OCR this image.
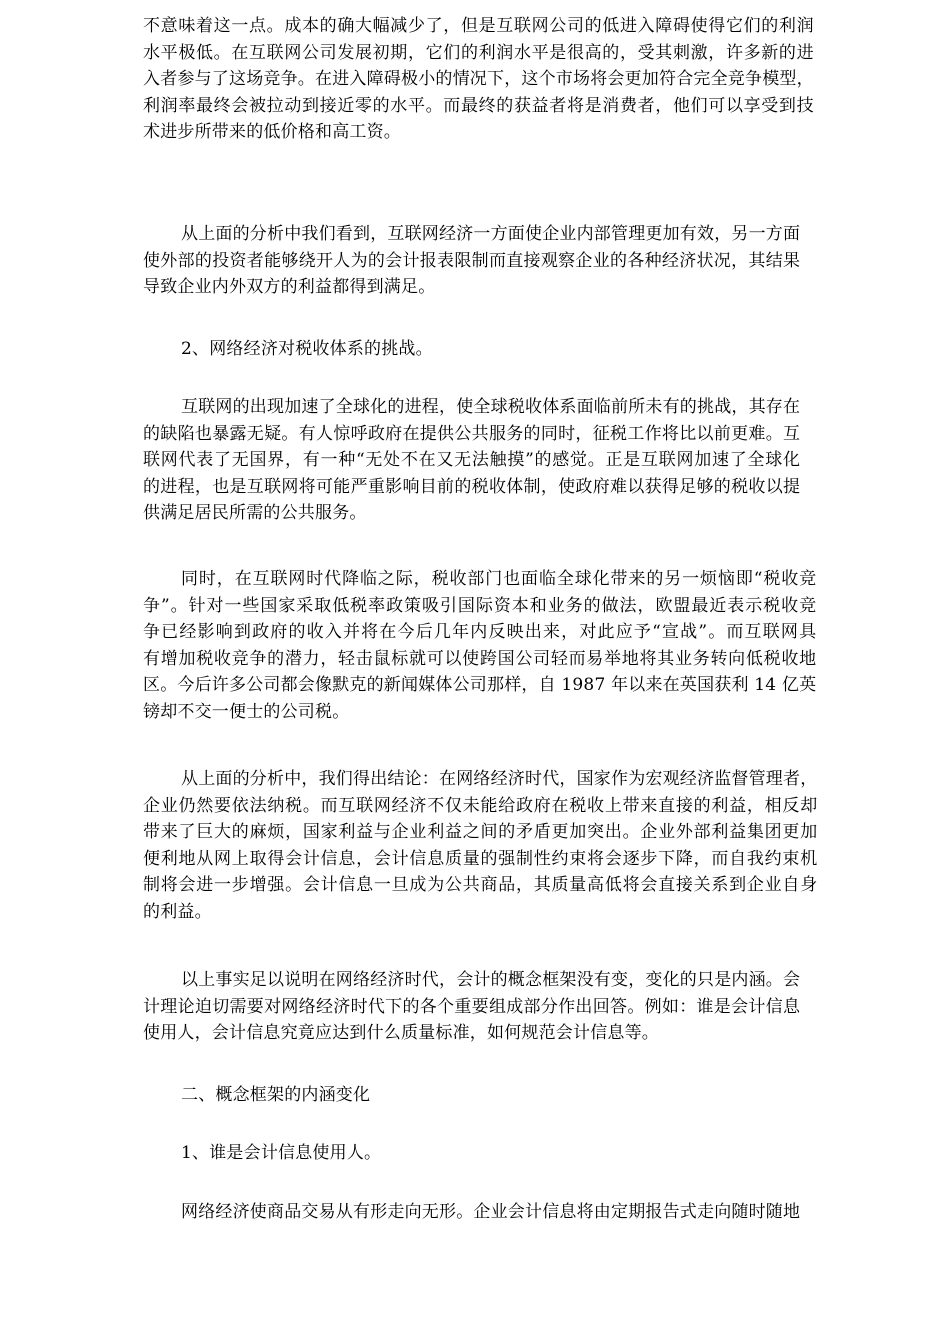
不意味着这一点。成本的确大幅减少了，但是互联网公司的低进入障碍使得它们的利润
水平极低。在互联网公司发展初期，它们的利润水平是很高的，受其刺激，许多新的进
入者参与了这场竞争。在进入障碍极小的情况下，这个市场将会更加符合完全竞争模型，
利润率最终会被拉动到接近零的水平。而最终的获益者将是消费者，他们可以享受到技
术进步所带来的低价格和高工资。
从上面的分析中我们看到，互联网经济一方面使企业内部管理更加有效，另一方面
使外部的投资者能够绕开人为的会计报表限制而直接观察企业的各种经济状况，其结果
导致企业内外双方的利益都得到满足。
2、网络经济对税收体系的挑战。
互联网的出现加速了全球化的进程，使全球税收体系面临前所未有的挑战，其存在
的缺陷也暴露无疑。有人惊呼政府在提供公共服务的同时，征税工作将比以前更难。互
联网代表了无国界，有一种“无处不在又无法触摸”的感觉。正是互联网加速了全球化
的进程，也是互联网将可能严重影响目前的税收体制，使政府难以获得足够的税收以提
供满足居民所需的公共服务。
同时，在互联网时代降临之际，税收部门也面临全球化带来的另一烦恼即“税收竞
争”。针对一些国家采取低税率政策吸引国际资本和业务的做法，欧盟最近表示税收竞
争已经影响到政府的收入并将在今后几年内反映出来，对此应予“宣战”。而互联网具
有增加税收竞争的潜力，轻击鼠标就可以使跨国公司轻而易举地将其业务转向低税收地
区。今后许多公司都会像默克的新闻媒体公司那样，自 1987 年以来在英国获利 14 亿英
镑却不交一便士的公司税。
从上面的分析中，我们得出结论：在网络经济时代，国家作为宏观经济监督管理者，
企业仍然要依法纳税。而互联网经济不仅未能给政府在税收上带来直接的利益，相反却
带来了巨大的麻烦，国家利益与企业利益之间的矛盾更加突出。企业外部利益集团更加
便利地从网上取得会计信息，会计信息质量的强制性约束将会逐步下降，而自我约束机
制将会进一步增强。会计信息一旦成为公共商品，其质量高低将会直接关系到企业自身
的利益。
以上事实足以说明在网络经济时代，会计的概念框架没有变，变化的只是内涵。会
计理论迫切需要对网络经济时代下的各个重要组成部分作出回答。例如：谁是会计信息
使用人，会计信息究竟应达到什么质量标准，如何规范会计信息等。
二、概念框架的内涵变化
1、谁是会计信息使用人。
网络经济使商品交易从有形走向无形。企业会计信息将由定期报告式走向随时随地
